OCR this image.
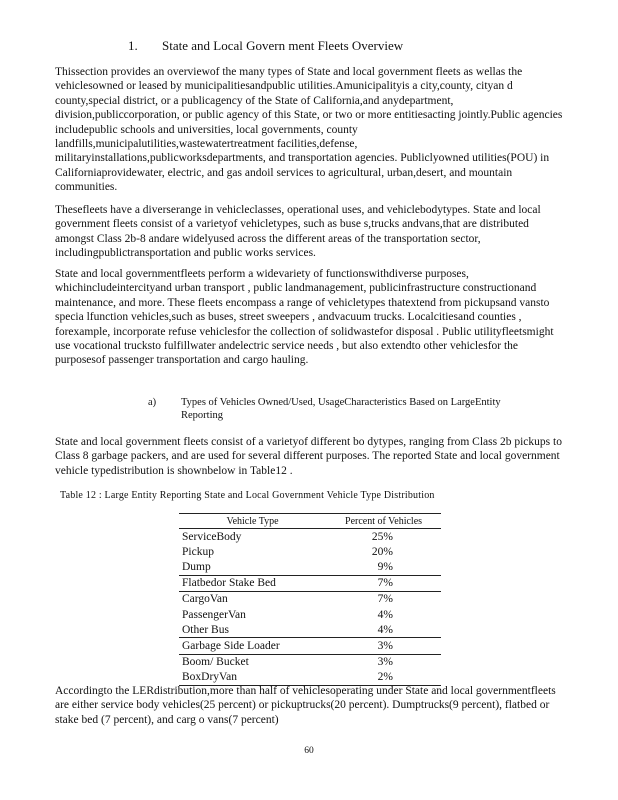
1. State and Local Govern ment Fleets Overview

Thissection provides an overviewof the many types of State and local government fleets as wellas the vehiclesowned or leased by municipalitiesandpublic utilities.Amunicipalityis a city,county, cityan d county,special district, or a publicagency of the State of California,and anydepartment, division,publiccorporation, or public agency of this State, or two or more entitiesacting jointly.Public agencies includepublic schools and universities, local governments, county landfills,municipalutilities,wastewatertreatment facilities,defense, militaryinstallations,publicworksdepartments, and transportation agencies. Publiclyowned utilities(POU) in Californiaprovidewater, electric, and gas andoil services to agricultural, urban,desert, and mountain communities.

Thesefleets have a diverserange in vehicleclasses, operational uses, and vehiclebodytypes. State and local government fleets consist of a varietyof vehicletypes, such as buse s,trucks andvans,that are distributed amongst Class 2b-8 andare widelyused across the different areas of the transportation sector, includingpublictransportation and public works services.

State and local governmentfleets perform a widevariety of functionswithdiverse purposes, whichincludeintercityand urban transport , public landmanagement, publicinfrastructure constructionand maintenance, and more. These fleets encompass a range of vehicletypes thatextend from pickupsand vansto specia lfunction vehicles,such as buses, street sweepers , andvacuum trucks. Localcitiesand counties , forexample, incorporate refuse vehiclesfor the collection of solidwastefor disposal . Public utilityfleetsmight use vocational trucksto fulfillwater andelectric service needs , but also extendto other vehiclesfor the purposesof passenger transportation and cargo hauling.

a) Types of Vehicles Owned/Used, UsageCharacteristics Based on LargeEntity Reporting

State and local government fleets consist of a varietyof different bo dytypes, ranging from Class 2b pickups to Class 8 garbage packers, and are used for several different purposes. The reported State and local government vehicle typedistribution is shownbelow in Table12 .

Table 12 : Large Entity Reporting State and Local Government Vehicle Type Distribution
Vehicle Type	Percent of Vehicles
ServiceBody	25%
Pickup	20%
Dump	9%
Flatbedor Stake Bed	7%
CargoVan	7%
PassengerVan	4%
Other Bus	4%
Garbage Side Loader	3%
Boom/ Bucket	3%
BoxDryVan	2%

Accordingto the LERdistribution,more than half of vehiclesoperating under State and local governmentfleets are either service body vehicles(25 percent) or pickuptrucks(20 percent). Dumptrucks(9 percent), flatbed or stake bed (7 percent), and carg o vans(7 percent)

60
